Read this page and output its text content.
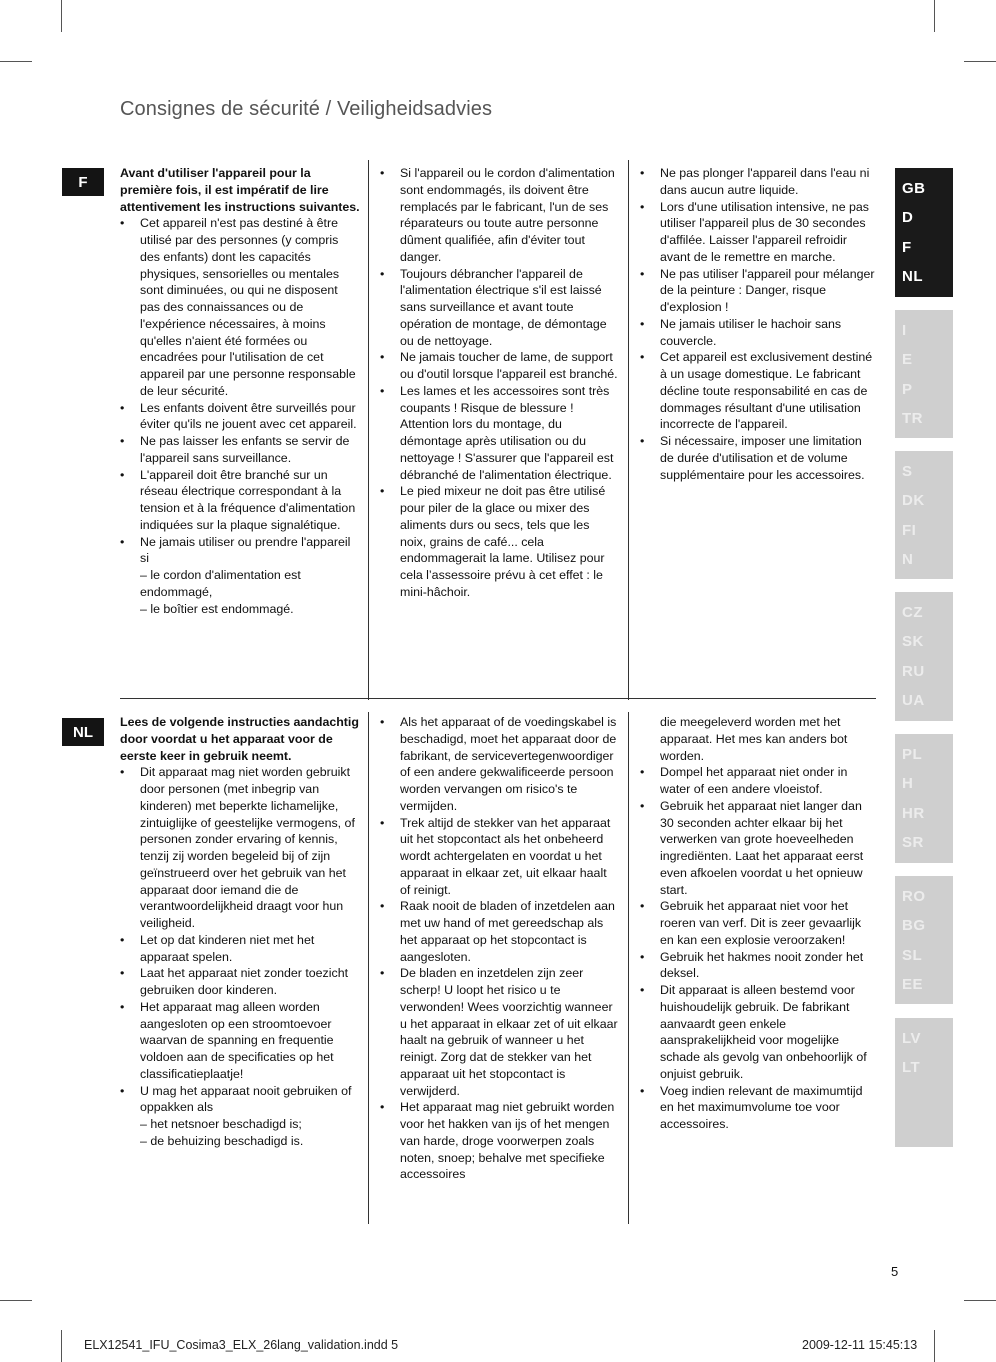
Consignes de sécurité / Veiligheidsadvies
F

Avant d'utiliser l'appareil pour la première fois, il est impératif de lire attentivement les instructions suivantes.

• Cet appareil n'est pas destiné à être utilisé par des personnes (y compris des enfants) dont les capacités physiques, sensorielles ou mentales sont diminuées, ou qui ne disposent pas des connaissances ou de l'expérience nécessaires, à moins qu'elles n'aient été formées ou encadrées pour l'utilisation de cet appareil par une personne responsable de leur sécurité.
• Les enfants doivent être surveillés pour éviter qu'ils ne jouent avec cet appareil.
• Ne pas laisser les enfants se servir de l'appareil sans surveillance.
• L'appareil doit être branché sur un réseau électrique correspondant à la tension et à la fréquence d'alimentation indiquées sur la plaque signalétique.
• Ne jamais utiliser ou prendre l'appareil si
– le cordon d'alimentation est endommagé,
– le boîtier est endommagé.
• Si l'appareil ou le cordon d'alimentation sont endommagés, ils doivent être remplacés par le fabricant, l'un de ses réparateurs ou toute autre personne dûment qualifiée, afin d'éviter tout danger.
• Toujours débrancher l'appareil de l'alimentation électrique s'il est laissé sans surveillance et avant toute opération de montage, de démontage ou de nettoyage.
• Ne jamais toucher de lame, de support ou d'outil lorsque l'appareil est branché.
• Les lames et les accessoires sont très coupants ! Risque de blessure ! Attention lors du montage, du démontage après utilisation ou du nettoyage ! S'assurer que l'appareil est débranché de l'alimentation électrique.
• Le pied mixeur ne doit pas être utilisé pour piler de la glace ou mixer des aliments durs ou secs, tels que les noix, grains de café... cela endommagerait la lame. Utilisez pour cela l’assessoire prévu à cet effet : le mini-hâchoir.
• Ne pas plonger l'appareil dans l'eau ni dans aucun autre liquide.
• Lors d'une utilisation intensive, ne pas utiliser l'appareil plus de 30 secondes d'affilée. Laisser l'appareil refroidir avant de le remettre en marche.
• Ne pas utiliser l'appareil pour mélanger de la peinture : Danger, risque d'explosion !
• Ne jamais utiliser le hachoir sans couvercle.
• Cet appareil est exclusivement destiné à un usage domestique. Le fabricant décline toute responsabilité en cas de dommages résultant d'une utilisation incorrecte de l'appareil.
• Si nécessaire, imposer une limitation de durée d'utilisation et de volume supplémentaire pour les accessoires.
NL

Lees de volgende instructies aandachtig door voordat u het apparaat voor de eerste keer in gebruik neemt.

• Dit apparaat mag niet worden gebruikt door personen (met inbegrip van kinderen) met beperkte lichamelijke, zintuiglijke of geestelijke vermogens, of personen zonder ervaring of kennis, tenzij zij worden begeleid bij of zijn geïnstrueerd over het gebruik van het apparaat door iemand die de verantwoordelijkheid draagt voor hun veiligheid.
• Let op dat kinderen niet met het apparaat spelen.
• Laat het apparaat niet zonder toezicht gebruiken door kinderen.
• Het apparaat mag alleen worden aangesloten op een stroomtoevoer waarvan de spanning en frequentie voldoen aan de specificaties op het classificatieplaatje!
• U mag het apparaat nooit gebruiken of oppakken als
– het netsnoer beschadigd is;
– de behuizing beschadigd is.
• Als het apparaat of de voedingskabel is beschadigd, moet het apparaat door de fabrikant, de servicevertegenwoordiger of een andere gekwalificeerde persoon worden vervangen om risico's te vermijden.
• Trek altijd de stekker van het apparaat uit het stopcontact als het onbeheerd wordt achtergelaten en voordat u het apparaat in elkaar zet, uit elkaar haalt of reinigt.
• Raak nooit de bladen of inzetdelen aan met uw hand of met gereedschap als het apparaat op het stopcontact is aangesloten.
• De bladen en inzetdelen zijn zeer scherp! U loopt het risico u te verwonden! Wees voorzichtig wanneer u het apparaat in elkaar zet of uit elkaar haalt na gebruik of wanneer u het reinigt. Zorg dat de stekker van het apparaat uit het stopcontact is verwijderd.
• Het apparaat mag niet gebruikt worden voor het hakken van ijs of het mengen van harde, droge voorwerpen zoals noten, snoep; behalve met specifieke accessoires
die meegeleverd worden met het apparaat. Het mes kan anders bot worden.
• Dompel het apparaat niet onder in water of een andere vloeistof.
• Gebruik het apparaat niet langer dan 30 seconden achter elkaar bij het verwerken van grote hoeveelheden ingrediënten. Laat het apparaat eerst even afkoelen voordat u het opnieuw start.
• Gebruik het apparaat niet voor het roeren van verf. Dit is zeer gevaarlijk en kan een explosie veroorzaken!
• Gebruik het hakmes nooit zonder het deksel.
• Dit apparaat is alleen bestemd voor huishoudelijk gebruik. De fabrikant aanvaardt geen enkele aansprakelijkheid voor mogelijke schade als gevolg van onbehoorlijk of onjuist gebruik.
• Voeg indien relevant de maximumtijd en het maximumvolume toe voor accessoires.
GB
D
F
NL
I
E
P
TR
S
DK
FI
N
CZ
SK
RU
UA
PL
H
HR
SR
RO
BG
SL
EE
LV
LT
5
ELX12541_IFU_Cosima3_ELX_26lang_validation.indd 5	2009-12-11 15:45:13
